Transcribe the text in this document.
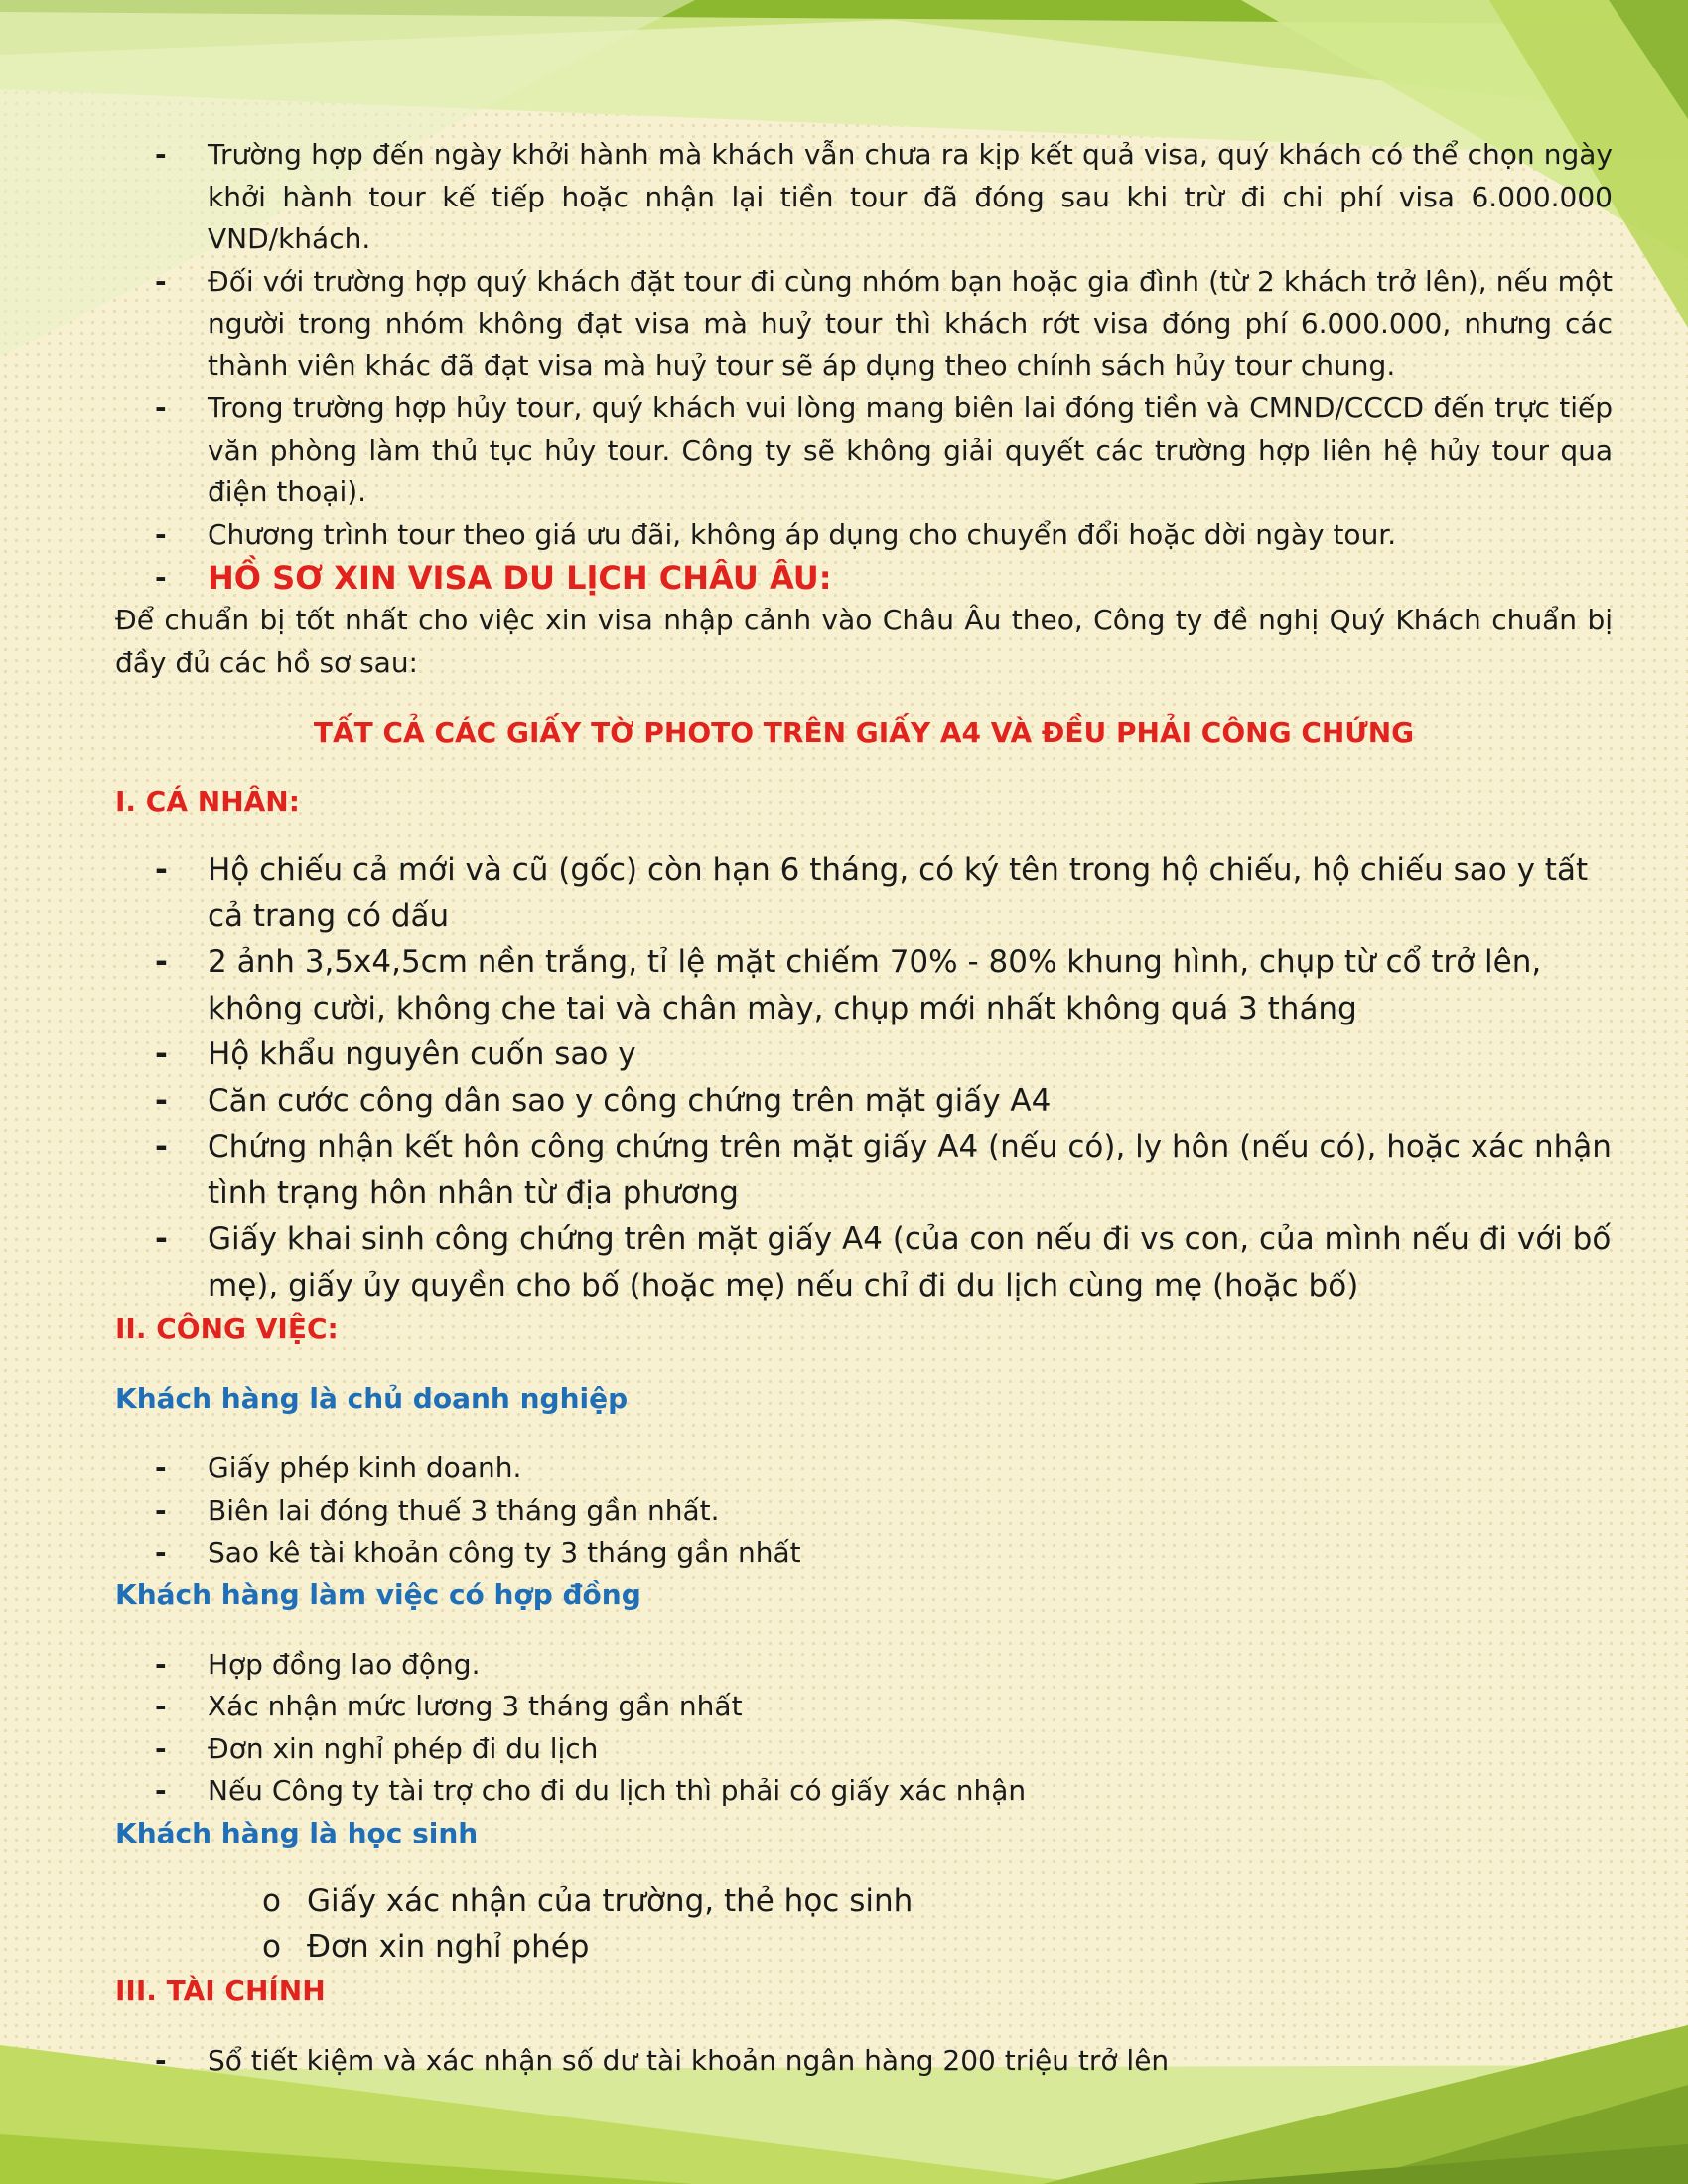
- Trường hợp đến ngày khởi hành mà khách vẫn chưa ra kịp kết quả visa, quý khách có thể chọn ngày khởi hành tour kế tiếp hoặc nhận lại tiền tour đã đóng sau khi trừ đi chi phí visa 6.000.000 VND/khách.
- Đối với trường hợp quý khách đặt tour đi cùng nhóm bạn hoặc gia đình (từ 2 khách trở lên), nếu một người trong nhóm không đạt visa mà huỷ tour thì khách rớt visa đóng phí 6.000.000, nhưng các thành viên khác đã đạt visa mà huỷ tour sẽ áp dụng theo chính sách hủy tour chung.
- Trong trường hợp hủy tour, quý khách vui lòng mang biên lai đóng tiền và CMND/CCCD đến trực tiếp văn phòng làm thủ tục hủy tour. Công ty sẽ không giải quyết các trường hợp liên hệ hủy tour qua điện thoại).
- Chương trình tour theo giá ưu đãi, không áp dụng cho chuyển đổi hoặc dời ngày tour.
- HỒ SƠ XIN VISA DU LỊCH CHÂU ÂU:
Để chuẩn bị tốt nhất cho việc xin visa nhập cảnh vào Châu Âu theo, Công ty đề nghị Quý Khách chuẩn bị đầy đủ các hồ sơ sau:
TẤT CẢ CÁC GIẤY TỜ PHOTO TRÊN GIẤY A4 VÀ ĐỀU PHẢI CÔNG CHỨNG
I. CÁ NHÂN:
- Hộ chiếu cả mới và cũ (gốc) còn hạn 6 tháng, có ký tên trong hộ chiếu, hộ chiếu sao y tất cả trang có dấu
- 2 ảnh 3,5x4,5cm nền trắng, tỉ lệ mặt chiếm 70% - 80% khung hình, chụp từ cổ trở lên, không cười, không che tai và chân mày, chụp mới nhất không quá 3 tháng
- Hộ khẩu nguyên cuốn sao y
- Căn cước công dân sao y công chứng trên mặt giấy A4
- Chứng nhận kết hôn công chứng trên mặt giấy A4 (nếu có), ly hôn (nếu có), hoặc xác nhận tình trạng hôn nhân từ địa phương
- Giấy khai sinh công chứng trên mặt giấy A4 (của con nếu đi vs con, của mình nếu đi với bố mẹ), giấy ủy quyền cho bố (hoặc mẹ) nếu chỉ đi du lịch cùng mẹ (hoặc bố)
II. CÔNG VIỆC:
Khách hàng là chủ doanh nghiệp
- Giấy phép kinh doanh.
- Biên lai đóng thuế 3 tháng gần nhất.
- Sao kê tài khoản công ty 3 tháng gần nhất
Khách hàng làm việc có hợp đồng
- Hợp đồng lao động.
- Xác nhận mức lương 3 tháng gần nhất
- Đơn xin nghỉ phép đi du lịch
- Nếu Công ty tài trợ cho đi du lịch thì phải có giấy xác nhận
Khách hàng là học sinh
o Giấy xác nhận của trường, thẻ học sinh
o Đơn xin nghỉ phép
III. TÀI CHÍNH
- Sổ tiết kiệm và xác nhận số dư tài khoản ngân hàng 200 triệu trở lên
